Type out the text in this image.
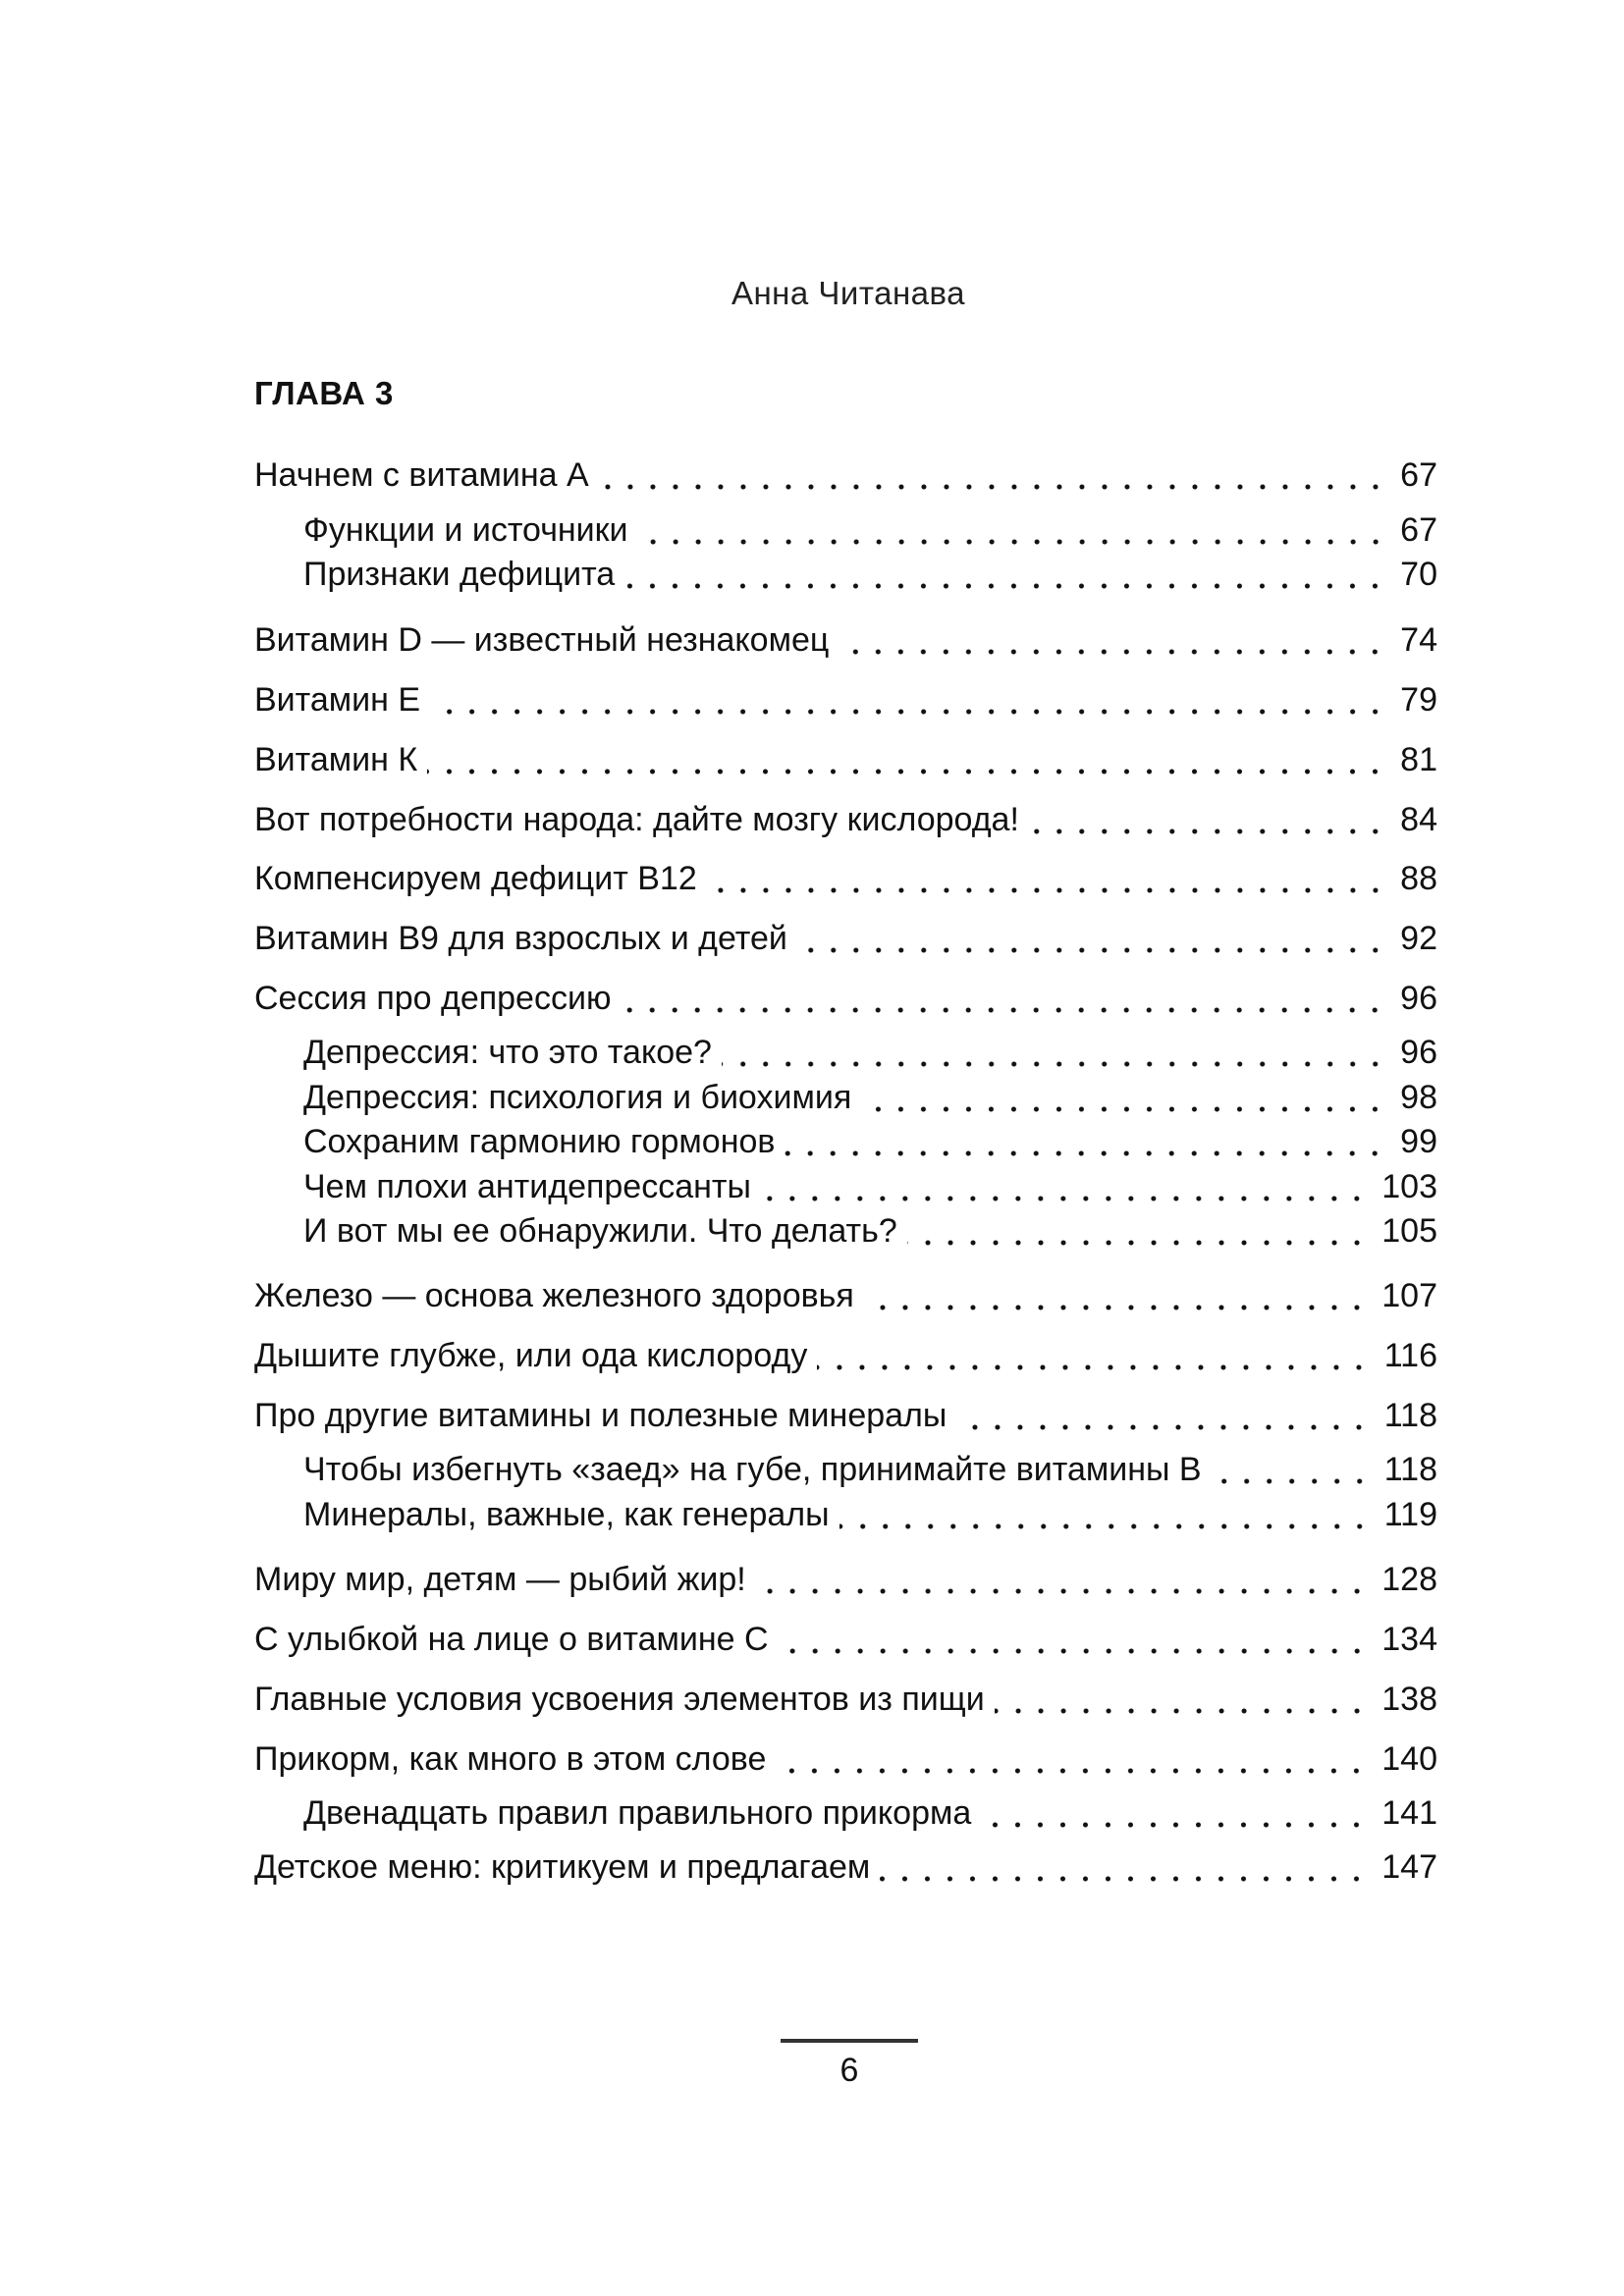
Анна Читанава
ГЛАВА 3
Начнем с витамина А	67
Функции и источники	67
Признаки дефицита	70
Витамин D — известный незнакомец	74
Витамин Е	79
Витамин К	81
Вот потребности народа: дайте мозгу кислорода!	84
Компенсируем дефицит В12	88
Витамин В9 для взрослых и детей	92
Сессия про депрессию	96
Депрессия: что это такое?	96
Депрессия: психология и биохимия	98
Сохраним гармонию гормонов	99
Чем плохи антидепрессанты	103
И вот мы ее обнаружили. Что делать?	105
Железо — основа железного здоровья	107
Дышите глубже, или ода кислороду	116
Про другие витамины и полезные минералы	118
Чтобы избегнуть «заед» на губе, принимайте витамины В	118
Минералы, важные, как генералы	119
Миру мир, детям — рыбий жир!	128
С улыбкой на лице о витамине С	134
Главные условия усвоения элементов из пищи	138
Прикорм, как много в этом слове	140
Двенадцать правил правильного прикорма	141
Детское меню: критикуем и предлагаем	147
6
